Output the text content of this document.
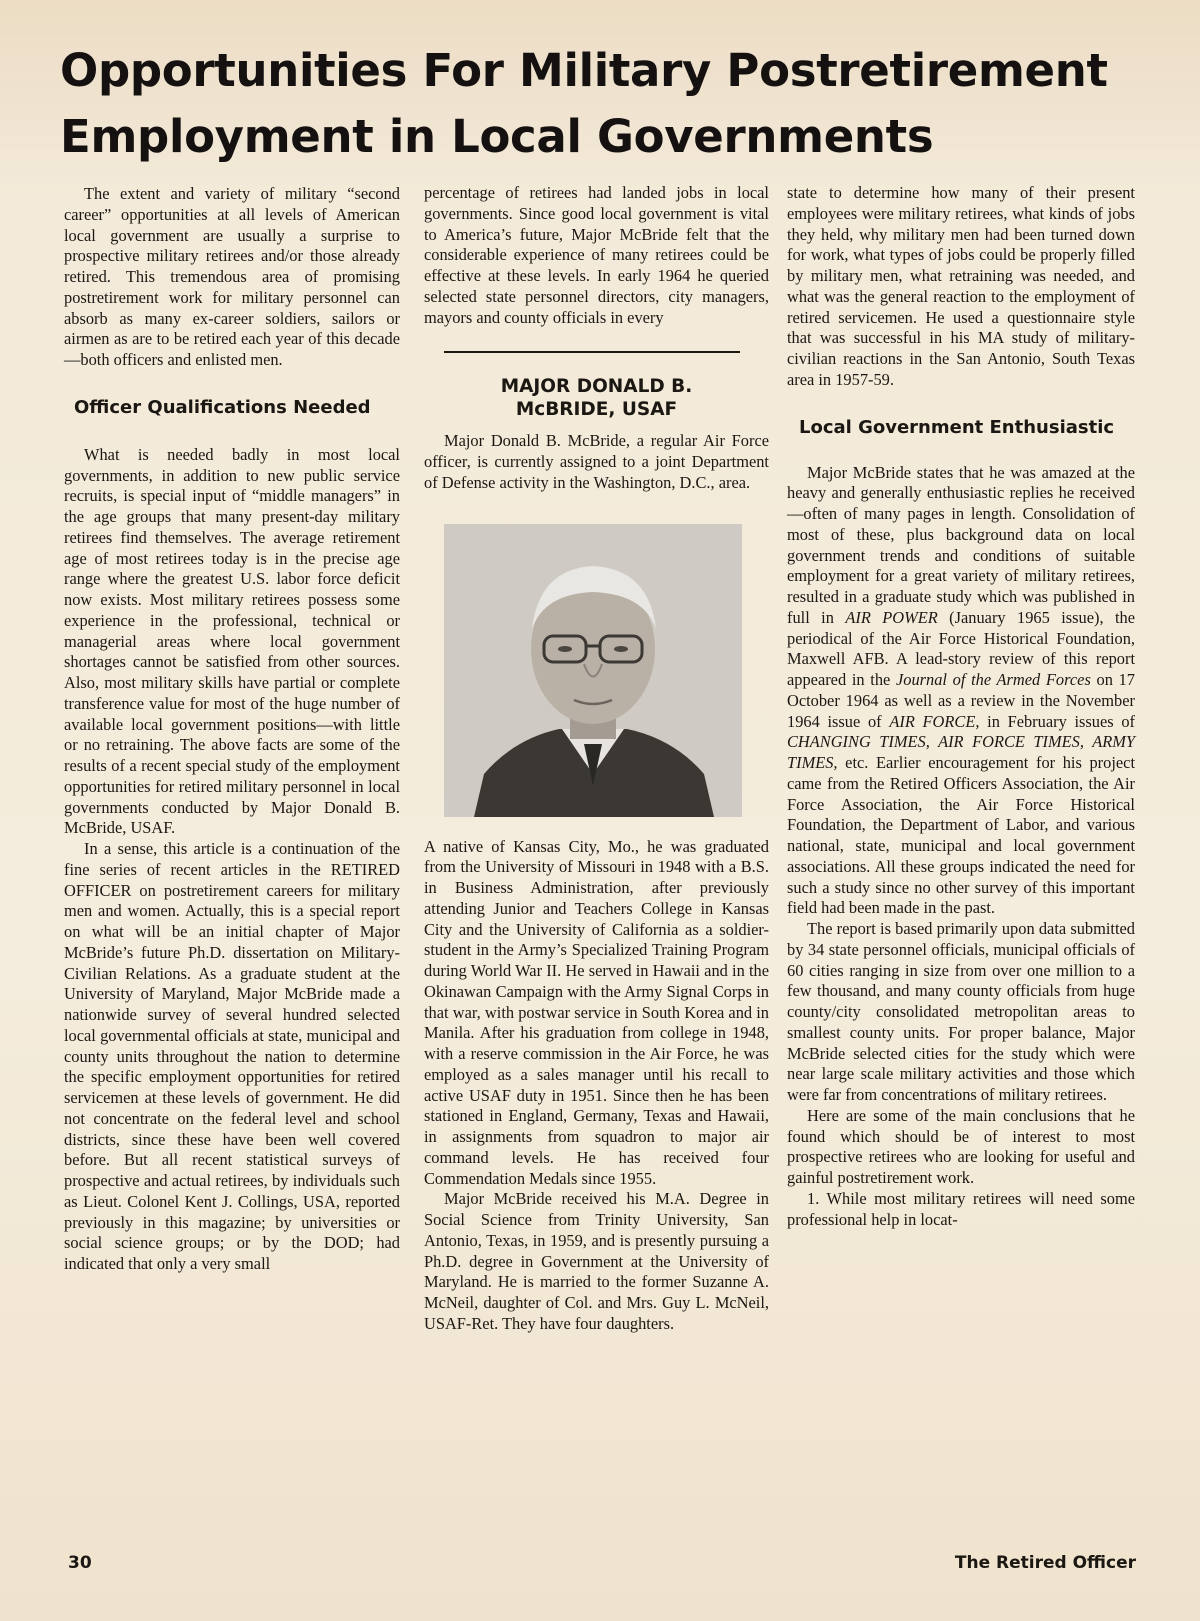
Opportunities For Military Postretirement
Employment in Local Governments

The extent and variety of military “second career” opportunities at all levels of American local government are usually a surprise to prospective military retirees and/or those already retired. This tremendous area of promising postretirement work for military personnel can absorb as many ex-career soldiers, sailors or airmen as are to be retired each year of this decade—both officers and enlisted men.

Officer Qualifications Needed

What is needed badly in most local governments, in addition to new public service recruits, is special input of “middle managers” in the age groups that many present-day military retirees find themselves. The average retirement age of most retirees today is in the precise age range where the greatest U.S. labor force deficit now exists. Most military retirees possess some experience in the professional, technical or managerial areas where local government shortages cannot be satisfied from other sources. Also, most military skills have partial or complete transference value for most of the huge number of available local government positions—with little or no retraining. The above facts are some of the results of a recent special study of the employment opportunities for retired military personnel in local governments conducted by Major Donald B. McBride, USAF.

In a sense, this article is a continuation of the fine series of recent articles in the RETIRED OFFICER on postretirement careers for military men and women. Actually, this is a special report on what will be an initial chapter of Major McBride’s future Ph.D. dissertation on Military-Civilian Relations. As a graduate student at the University of Maryland, Major McBride made a nationwide survey of several hundred selected local governmental officials at state, municipal and county units throughout the nation to determine the specific employment opportunities for retired servicemen at these levels of government. He did not concentrate on the federal level and school districts, since these have been well covered before. But all recent statistical surveys of prospective and actual retirees, by individuals such as Lieut. Colonel Kent J. Collings, USA, reported previously in this magazine; by universities or social science groups; or by the DOD; had indicated that only a very small

percentage of retirees had landed jobs in local governments. Since good local government is vital to America’s future, Major McBride felt that the considerable experience of many retirees could be effective at these levels. In early 1964 he queried selected state personnel directors, city managers, mayors and county officials in every

MAJOR DONALD B.
McBRIDE, USAF

Major Donald B. McBride, a regular Air Force officer, is currently assigned to a joint Department of Defense activity in the Washington, D.C., area.

A native of Kansas City, Mo., he was graduated from the University of Missouri in 1948 with a B.S. in Business Administration, after previously attending Junior and Teachers College in Kansas City and the University of California as a soldier-student in the Army’s Specialized Training Program during World War II. He served in Hawaii and in the Okinawan Campaign with the Army Signal Corps in that war, with postwar service in South Korea and in Manila. After his graduation from college in 1948, with a reserve commission in the Air Force, he was employed as a sales manager until his recall to active USAF duty in 1951. Since then he has been stationed in England, Germany, Texas and Hawaii, in assignments from squadron to major air command levels. He has received four Commendation Medals since 1955.

Major McBride received his M.A. Degree in Social Science from Trinity University, San Antonio, Texas, in 1959, and is presently pursuing a Ph.D. degree in Government at the University of Maryland. He is married to the former Suzanne A. McNeil, daughter of Col. and Mrs. Guy L. McNeil, USAF-Ret. They have four daughters.

state to determine how many of their present employees were military retirees, what kinds of jobs they held, why military men had been turned down for work, what types of jobs could be properly filled by military men, what retraining was needed, and what was the general reaction to the employment of retired servicemen. He used a questionnaire style that was successful in his MA study of military-civilian reactions in the San Antonio, South Texas area in 1957-59.

Local Government Enthusiastic

Major McBride states that he was amazed at the heavy and generally enthusiastic replies he received—often of many pages in length. Consolidation of most of these, plus background data on local government trends and conditions of suitable employment for a great variety of military retirees, resulted in a graduate study which was published in full in AIR POWER (January 1965 issue), the periodical of the Air Force Historical Foundation, Maxwell AFB. A lead-story review of this report appeared in the Journal of the Armed Forces on 17 October 1964 as well as a review in the November 1964 issue of AIR FORCE, in February issues of CHANGING TIMES, AIR FORCE TIMES, ARMY TIMES, etc. Earlier encouragement for his project came from the Retired Officers Association, the Air Force Association, the Air Force Historical Foundation, the Department of Labor, and various national, state, municipal and local government associations. All these groups indicated the need for such a study since no other survey of this important field had been made in the past.

The report is based primarily upon data submitted by 34 state personnel officials, municipal officials of 60 cities ranging in size from over one million to a few thousand, and many county officials from huge county/city consolidated metropolitan areas to smallest county units. For proper balance, Major McBride selected cities for the study which were near large scale military activities and those which were far from concentrations of military retirees.

Here are some of the main conclusions that he found which should be of interest to most prospective retirees who are looking for useful and gainful postretirement work.

1. While most military retirees will need some professional help in locat-

30	The Retired Officer
